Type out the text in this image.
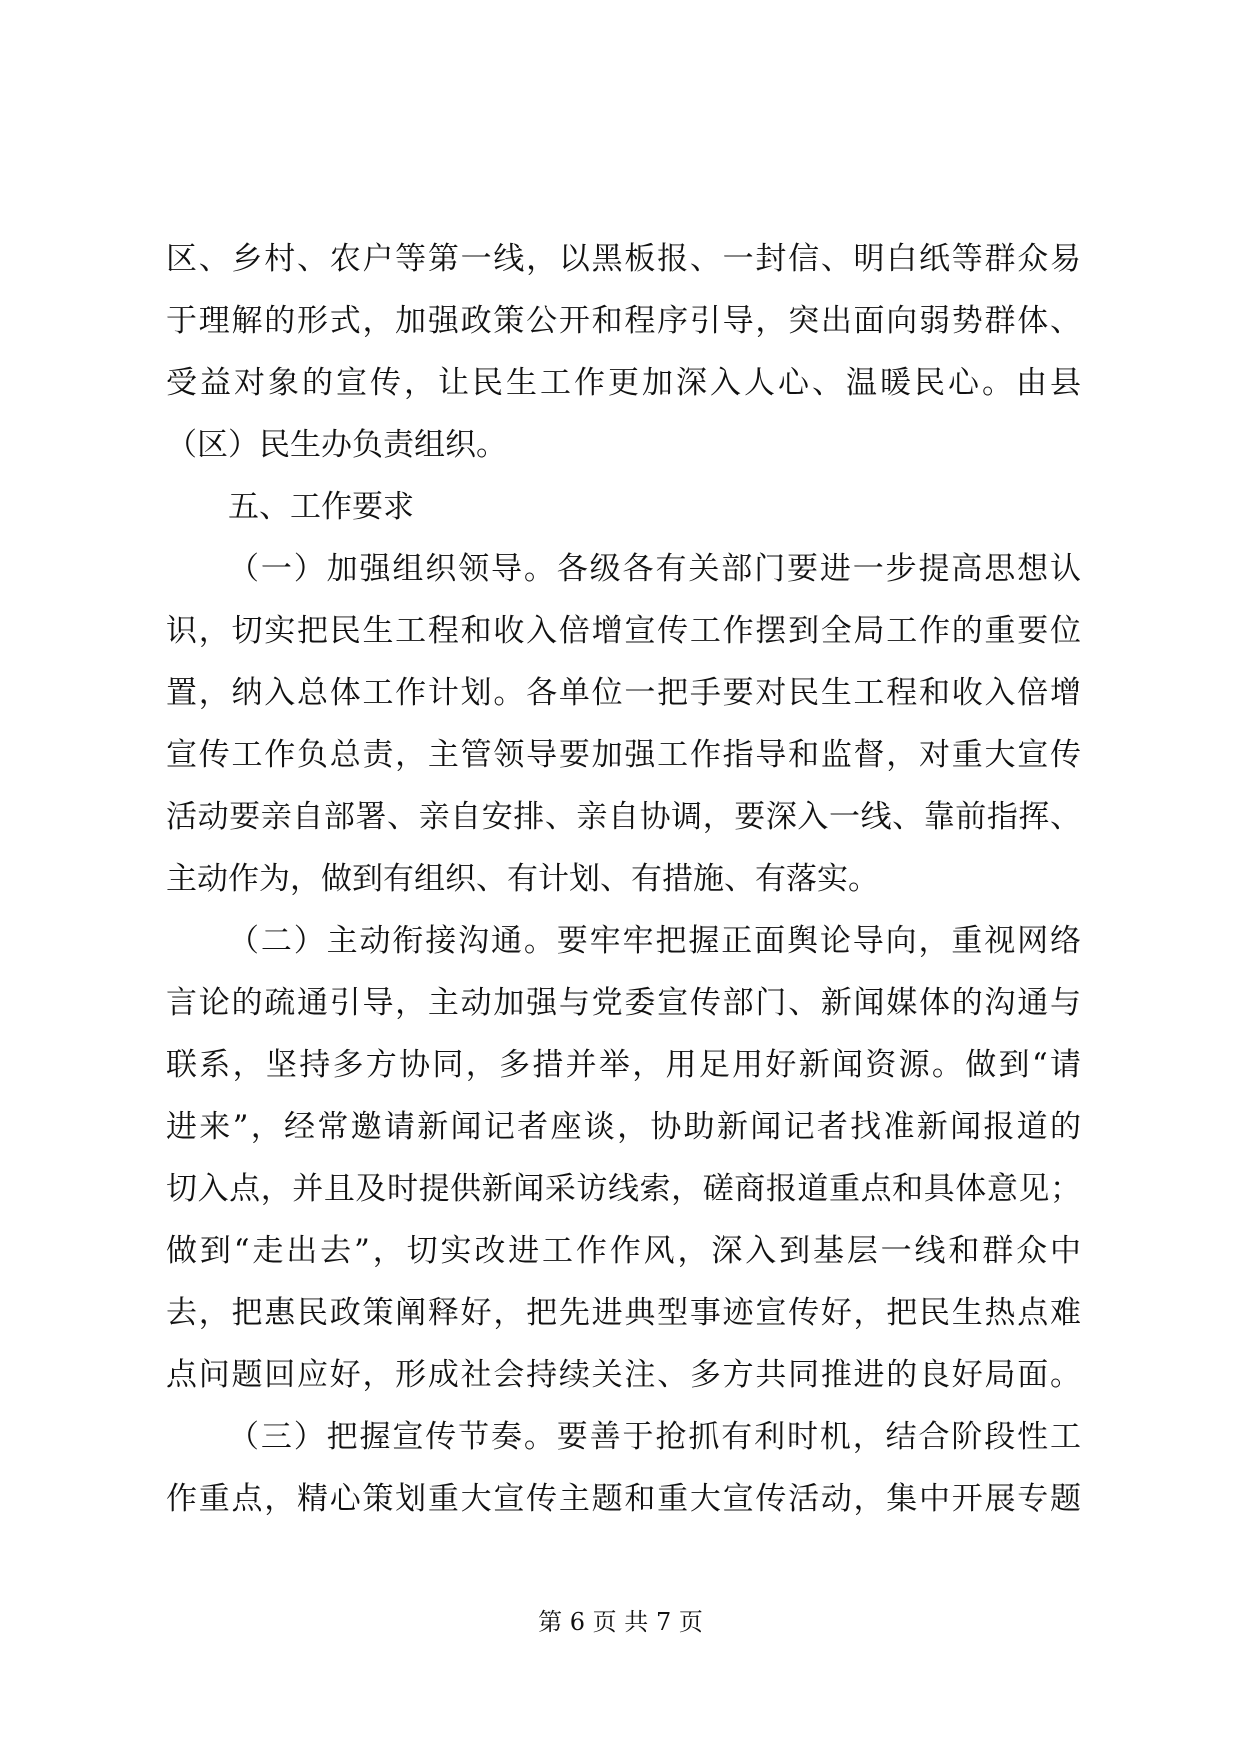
区、乡村、农户等第一线，以黑板报、一封信、明白纸等群众易
于理解的形式，加强政策公开和程序引导，突出面向弱势群体、
受益对象的宣传，让民生工作更加深入人心、温暖民心。由县
（区）民生办负责组织。
五、工作要求
（一）加强组织领导。各级各有关部门要进一步提高思想认
识，切实把民生工程和收入倍增宣传工作摆到全局工作的重要位
置，纳入总体工作计划。各单位一把手要对民生工程和收入倍增
宣传工作负总责，主管领导要加强工作指导和监督，对重大宣传
活动要亲自部署、亲自安排、亲自协调，要深入一线、靠前指挥、
主动作为，做到有组织、有计划、有措施、有落实。
（二）主动衔接沟通。要牢牢把握正面舆论导向，重视网络
言论的疏通引导，主动加强与党委宣传部门、新闻媒体的沟通与
联系，坚持多方协同，多措并举，用足用好新闻资源。做到“请
进来”，经常邀请新闻记者座谈，协助新闻记者找准新闻报道的
切入点，并且及时提供新闻采访线索，磋商报道重点和具体意见；
做到“走出去”，切实改进工作作风，深入到基层一线和群众中
去，把惠民政策阐释好，把先进典型事迹宣传好，把民生热点难
点问题回应好，形成社会持续关注、多方共同推进的良好局面。
（三）把握宣传节奏。要善于抢抓有利时机，结合阶段性工
作重点，精心策划重大宣传主题和重大宣传活动，集中开展专题
第 6 页 共 7 页
